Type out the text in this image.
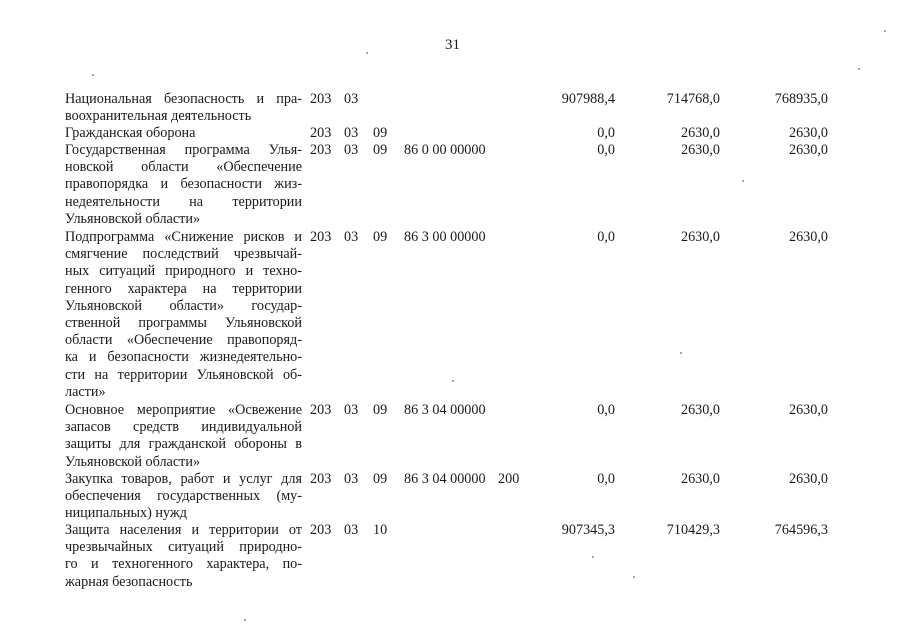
31
Национальная безопасность и пра-
воохранительная деятельность
203 03	907988,4	714768,0	768935,0
Гражданская оборона	203 03 09	0,0	2630,0	2630,0
Государственная программа Улья-
новской области «Обеспечение
правопорядка и безопасности жиз-
недеятельности на территории
Ульяновской области»
203 03 09 86 0 00 00000	0,0	2630,0	2630,0
Подпрограмма «Снижение рисков и
смягчение последствий чрезвычай-
ных ситуаций природного и техно-
генного характера на территории
Ульяновской области» государ-
ственной программы Ульяновской
области «Обеспечение правопоряд-
ка и безопасности жизнедеятельно-
сти на территории Ульяновской об-
ласти»
203 03 09 86 3 00 00000	0,0	2630,0	2630,0
Основное мероприятие «Освежение
запасов средств индивидуальной
защиты для гражданской обороны в
Ульяновской области»
203 03 09 86 3 04 00000	0,0	2630,0	2630,0
Закупка товаров, работ и услуг для
обеспечения государственных (му-
ниципальных) нужд
203 03 09 86 3 04 00000 200	0,0	2630,0	2630,0
Защита населения и территории от
чрезвычайных ситуаций природно-
го и техногенного характера, по-
жарная безопасность
203 03 10	907345,3	710429,3	764596,3
